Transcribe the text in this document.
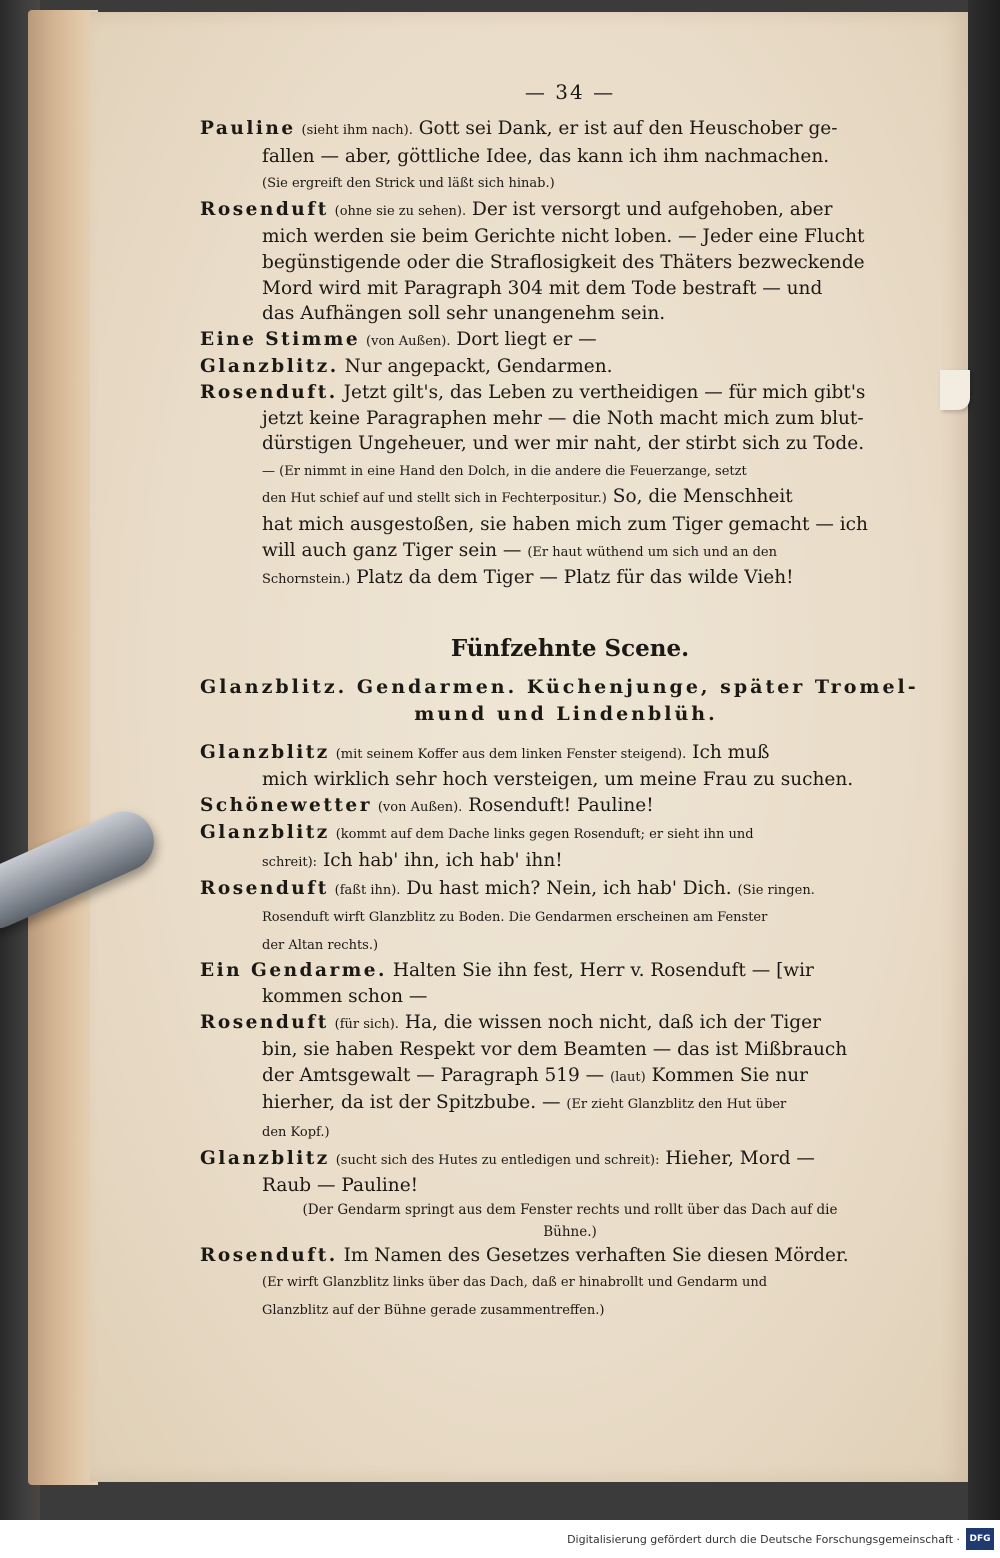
— 34 —
Pauline (sieht ihm nach). Gott sei Dank, er ist auf den Heuschober ge-
fallen — aber, göttliche Idee, das kann ich ihm nachmachen.
(Sie ergreift den Strick und läßt sich hinab.)
Rosenduft (ohne sie zu sehen). Der ist versorgt und aufgehoben, aber
mich werden sie beim Gerichte nicht loben. — Jeder eine Flucht
begünstigende oder die Straflosigkeit des Thäters bezweckende
Mord wird mit Paragraph 304 mit dem Tode bestraft — und
das Aufhängen soll sehr unangenehm sein.
Eine Stimme (von Außen). Dort liegt er —
Glanzblitz. Nur angepackt, Gendarmen.
Rosenduft. Jetzt gilt's, das Leben zu vertheidigen — für mich gibt's
jetzt keine Paragraphen mehr — die Noth macht mich zum blut-
dürstigen Ungeheuer, und wer mir naht, der stirbt sich zu Tode.
— (Er nimmt in eine Hand den Dolch, in die andere die Feuerzange, setzt
den Hut schief auf und stellt sich in Fechterpositur.) So, die Menschheit
hat mich ausgestoßen, sie haben mich zum Tiger gemacht — ich
will auch ganz Tiger sein — (Er haut wüthend um sich und an den
Schornstein.) Platz da dem Tiger — Platz für das wilde Vieh!
Fünfzehnte Scene.
Glanzblitz. Gendarmen. Küchenjunge, später Tromel-
mund und Lindenblüh.
Glanzblitz (mit seinem Koffer aus dem linken Fenster steigend). Ich muß
mich wirklich sehr hoch versteigen, um meine Frau zu suchen.
Schönewetter (von Außen). Rosenduft! Pauline!
Glanzblitz (kommt auf dem Dache links gegen Rosenduft; er sieht ihn und
schreit): Ich hab' ihn, ich hab' ihn!
Rosenduft (faßt ihn). Du hast mich? Nein, ich hab' Dich. (Sie ringen.
Rosenduft wirft Glanzblitz zu Boden. Die Gendarmen erscheinen am Fenster
der Altan rechts.)
Ein Gendarme. Halten Sie ihn fest, Herr v. Rosenduft — [wir
kommen schon —
Rosenduft (für sich). Ha, die wissen noch nicht, daß ich der Tiger
bin, sie haben Respekt vor dem Beamten — das ist Mißbrauch
der Amtsgewalt — Paragraph 519 — (laut) Kommen Sie nur
hierher, da ist der Spitzbube. — (Er zieht Glanzblitz den Hut über
den Kopf.)
Glanzblitz (sucht sich des Hutes zu entledigen und schreit): Hieher, Mord —
Raub — Pauline!
(Der Gendarm springt aus dem Fenster rechts und rollt über das Dach auf die
Bühne.)
Rosenduft. Im Namen des Gesetzes verhaften Sie diesen Mörder.
(Er wirft Glanzblitz links über das Dach, daß er hinabrollt und Gendarm und
Glanzblitz auf der Bühne gerade zusammentreffen.)
Digitalisierung gefördert durch die Deutsche Forschungsgemeinschaft ·	DFG
